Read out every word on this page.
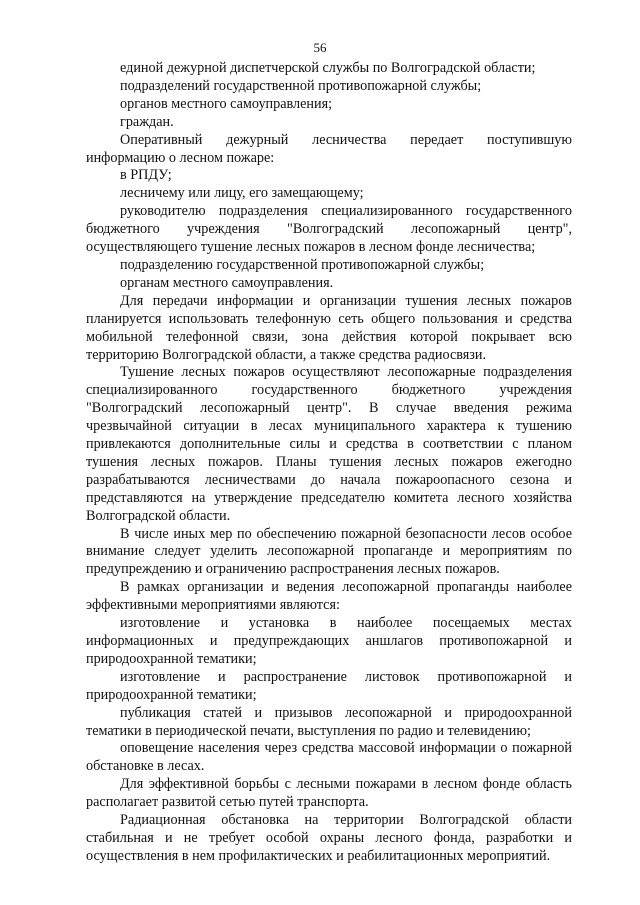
56

единой дежурной диспетчерской службы по Волгоградской области;

подразделений государственной противопожарной службы;

органов местного самоуправления;

граждан.

Оперативный дежурный лесничества передает поступившую информацию о лесном пожаре:

в РПДУ;

лесничему или лицу, его замещающему;

руководителю подразделения специализированного государственного бюджетного учреждения "Волгоградский лесопожарный центр", осуществляющего тушение лесных пожаров в лесном фонде лесничества;

подразделению государственной противопожарной службы;

органам местного самоуправления.

Для передачи информации и организации тушения лесных пожаров планируется использовать телефонную сеть общего пользования и средства мобильной телефонной связи, зона действия которой покрывает всю территорию Волгоградской области, а также средства радиосвязи.

Тушение лесных пожаров осуществляют лесопожарные подразделения специализированного государственного бюджетного учреждения "Волгоградский лесопожарный центр". В случае введения режима чрезвычайной ситуации в лесах муниципального характера к тушению привлекаются дополнительные силы и средства в соответствии с планом тушения лесных пожаров. Планы тушения лесных пожаров ежегодно разрабатываются лесничествами до начала пожароопасного сезона и представляются на утверждение председателю комитета лесного хозяйства Волгоградской области.

В числе иных мер по обеспечению пожарной безопасности лесов особое внимание следует уделить лесопожарной пропаганде и мероприятиям по предупреждению и ограничению распространения лесных пожаров.

В рамках организации и ведения лесопожарной пропаганды наиболее эффективными мероприятиями являются:

изготовление и установка в наиболее посещаемых местах информационных и предупреждающих аншлагов противопожарной и природоохранной тематики;

изготовление и распространение листовок противопожарной и природоохранной тематики;

публикация статей и призывов лесопожарной и природоохранной тематики в периодической печати, выступления по радио и телевидению;

оповещение населения через средства массовой информации о пожарной обстановке в лесах.

Для эффективной борьбы с лесными пожарами в лесном фонде область располагает развитой сетью путей транспорта.

Радиационная обстановка на территории Волгоградской области стабильная и не требует особой охраны лесного фонда, разработки и осуществления в нем профилактических и реабилитационных мероприятий.
